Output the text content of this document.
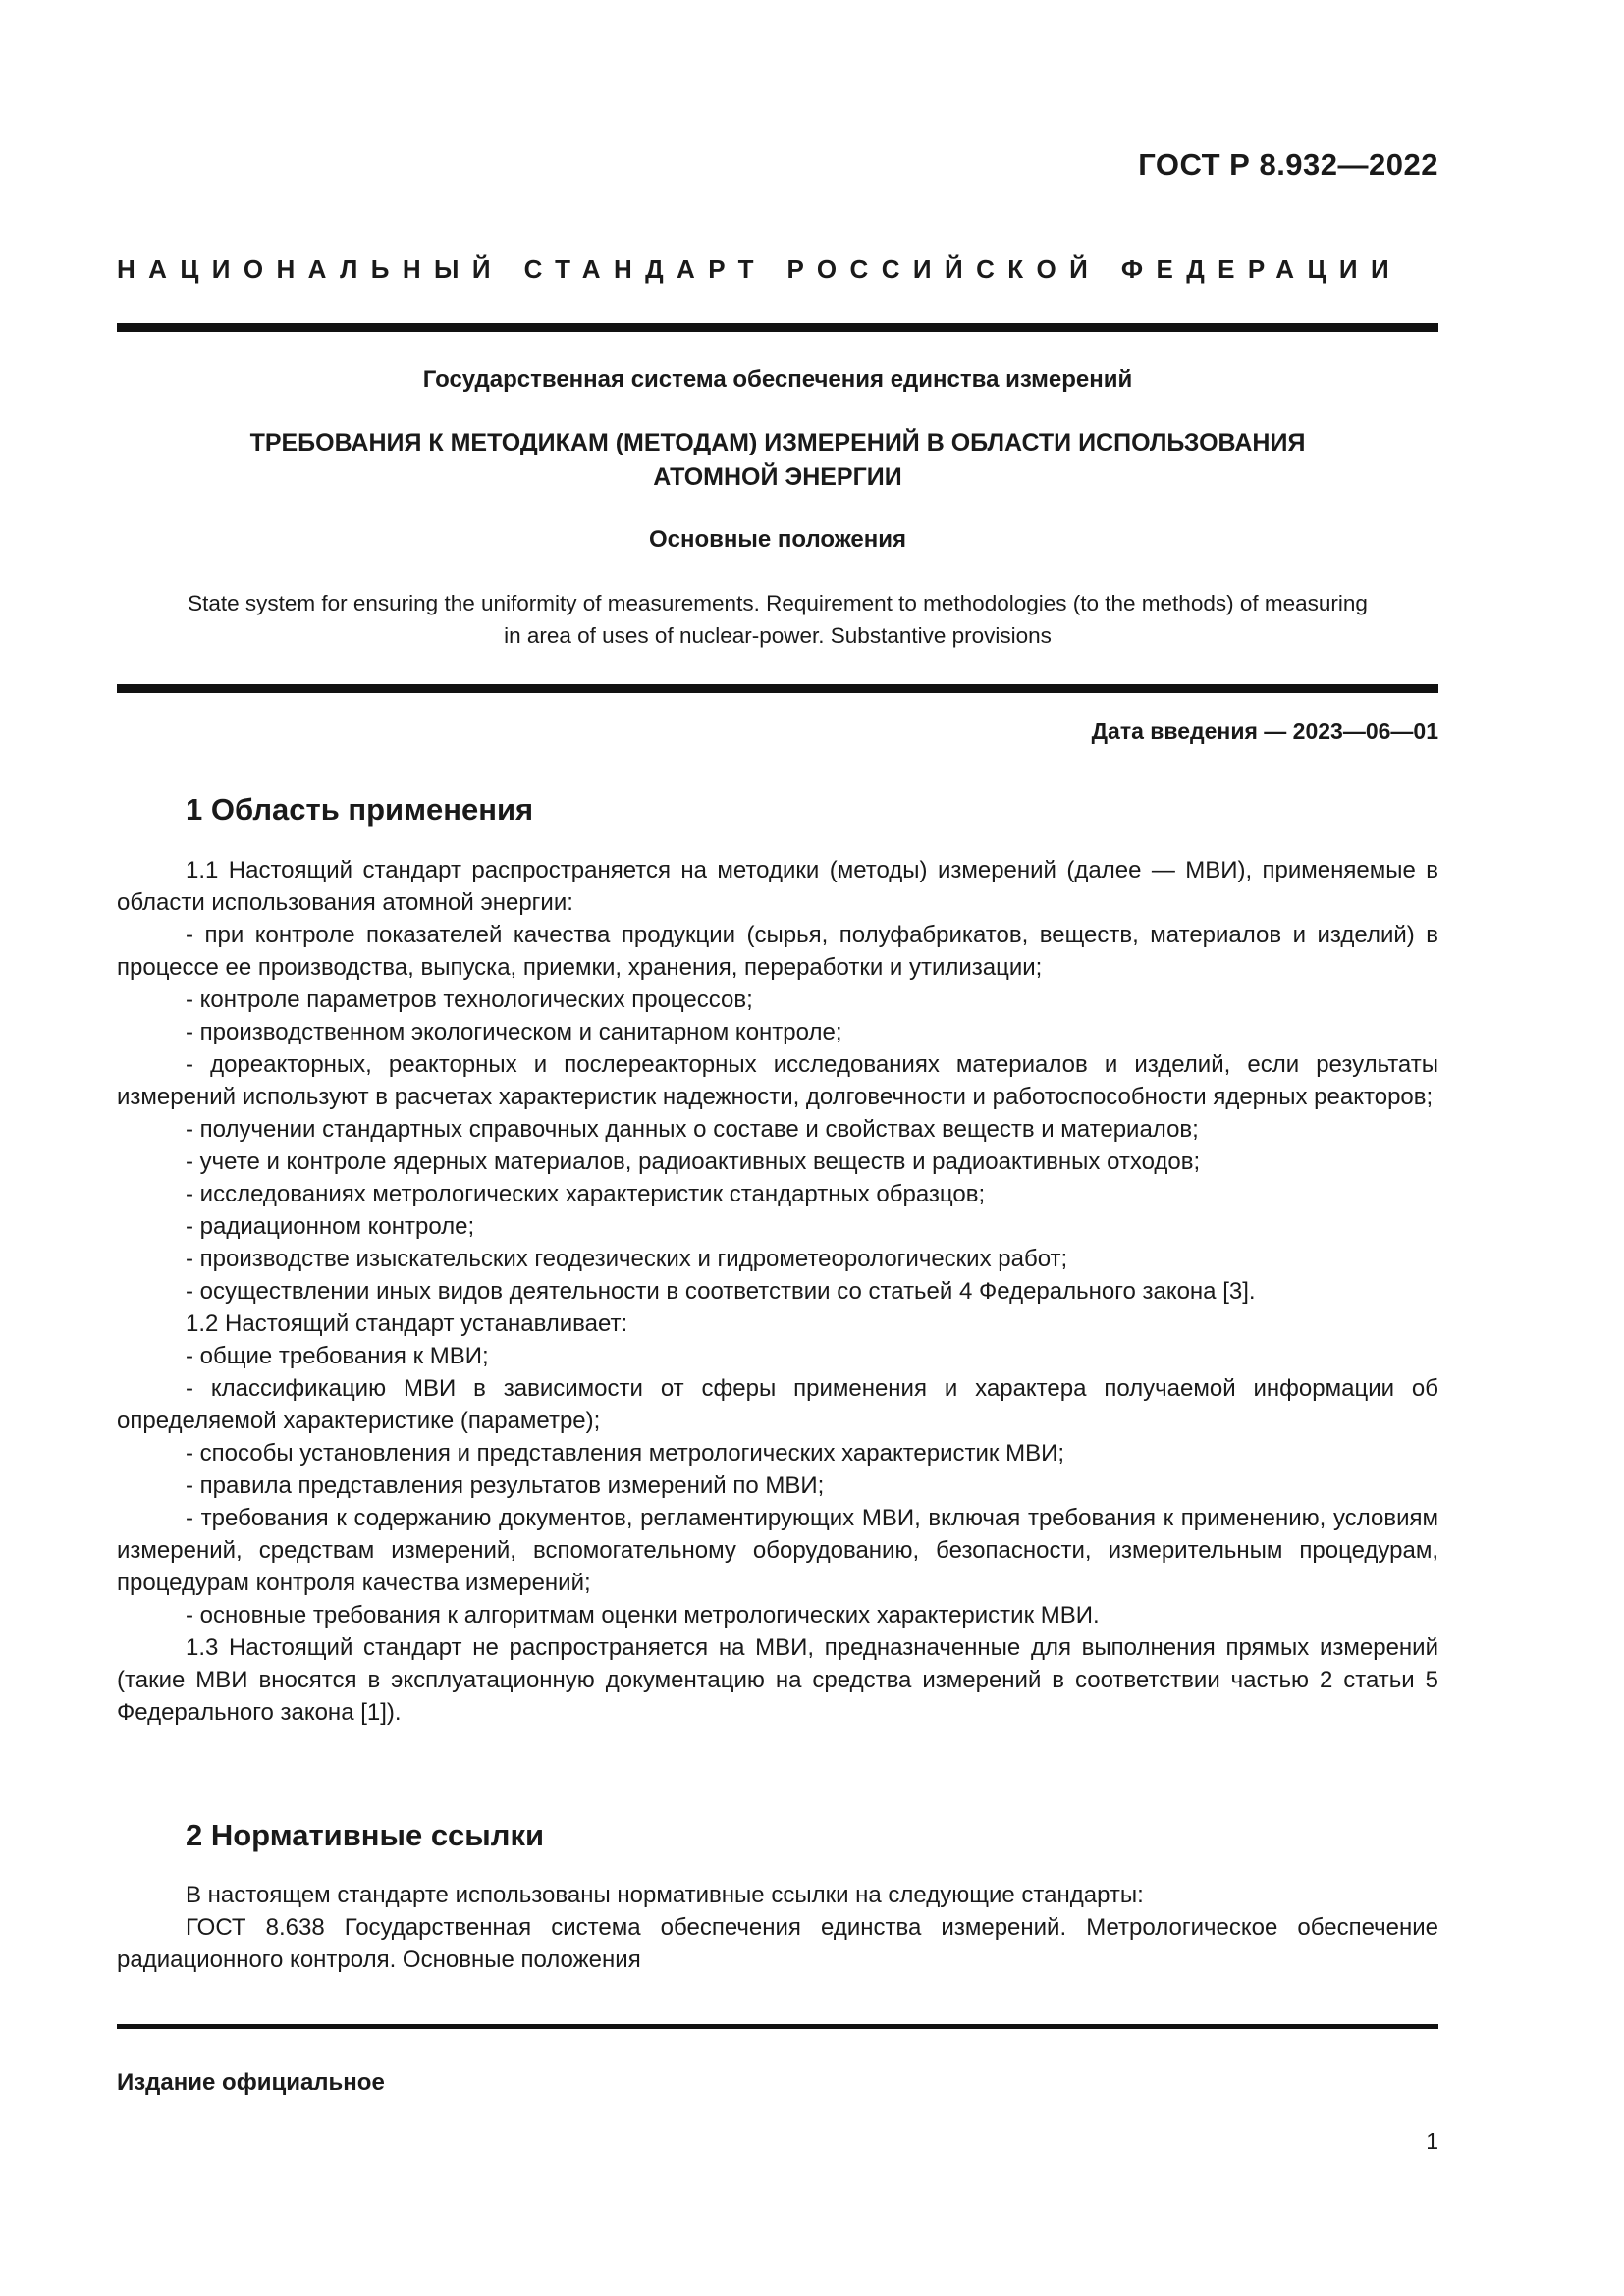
ГОСТ Р 8.932—2022
НАЦИОНАЛЬНЫЙ СТАНДАРТ РОССИЙСКОЙ ФЕДЕРАЦИИ
Государственная система обеспечения единства измерений
ТРЕБОВАНИЯ К МЕТОДИКАМ (МЕТОДАМ) ИЗМЕРЕНИЙ В ОБЛАСТИ ИСПОЛЬЗОВАНИЯ
АТОМНОЙ ЭНЕРГИИ
Основные положения
State system for ensuring the uniformity of measurements. Requirement to methodologies (to the methods) of measuring
in area of uses of nuclear-power. Substantive provisions
Дата введения — 2023—06—01
1 Область применения

1.1 Настоящий стандарт распространяется на методики (методы) измерений (далее — МВИ), применяемые в области использования атомной энергии:

- при контроле показателей качества продукции (сырья, полуфабрикатов, веществ, материалов и изделий) в процессе ее производства, выпуска, приемки, хранения, переработки и утилизации;

- контроле параметров технологических процессов;

- производственном экологическом и санитарном контроле;

- дореакторных, реакторных и послереакторных исследованиях материалов и изделий, если результаты измерений используют в расчетах характеристик надежности, долговечности и работоспособности ядерных реакторов;

- получении стандартных справочных данных о составе и свойствах веществ и материалов;

- учете и контроле ядерных материалов, радиоактивных веществ и радиоактивных отходов;

- исследованиях метрологических характеристик стандартных образцов;

- радиационном контроле;

- производстве изыскательских геодезических и гидрометеорологических работ;

- осуществлении иных видов деятельности в соответствии со статьей 4 Федерального закона [3].

1.2 Настоящий стандарт устанавливает:

- общие требования к МВИ;

- классификацию МВИ в зависимости от сферы применения и характера получаемой информации об определяемой характеристике (параметре);

- способы установления и представления метрологических характеристик МВИ;

- правила представления результатов измерений по МВИ;

- требования к содержанию документов, регламентирующих МВИ, включая требования к применению, условиям измерений, средствам измерений, вспомогательному оборудованию, безопасности, измерительным процедурам, процедурам контроля качества измерений;

- основные требования к алгоритмам оценки метрологических характеристик МВИ.

1.3 Настоящий стандарт не распространяется на МВИ, предназначенные для выполнения прямых измерений (такие МВИ вносятся в эксплуатационную документацию на средства измерений в соответствии частью 2 статьи 5 Федерального закона [1]).

2 Нормативные ссылки

В настоящем стандарте использованы нормативные ссылки на следующие стандарты:

ГОСТ 8.638 Государственная система обеспечения единства измерений. Метрологическое обеспечение радиационного контроля. Основные положения

Издание официальное
1
